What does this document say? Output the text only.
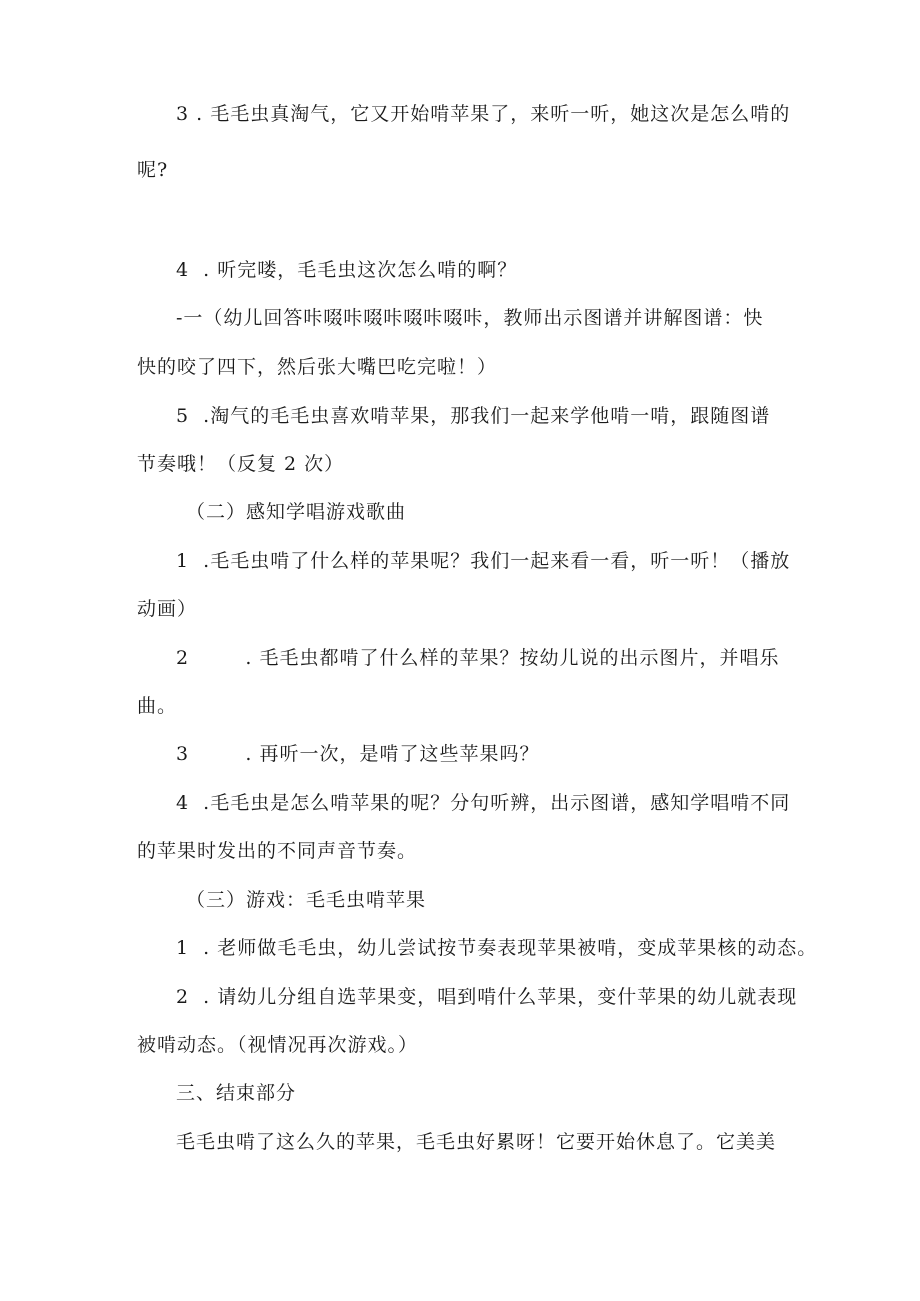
3 . 毛毛虫真淘气，它又开始啃苹果了，来听一听，她这次是怎么啃的
呢?
4  . 听完喽，毛毛虫这次怎么啃的啊？
-一（幼儿回答咔啜咔啜咔啜咔啜咔，教师出示图谱并讲解图谱：快
快的咬了四下，然后张大嘴巴吃完啦！）
5  .淘气的毛毛虫喜欢啃苹果，那我们一起来学他啃一啃，跟随图谱
节奏哦！（反复 2 次）
（二）感知学唱游戏歌曲
1  .毛毛虫啃了什么样的苹果呢？我们一起来看一看，听一听！（播放
动画）
2        . 毛毛虫都啃了什么样的苹果？按幼儿说的出示图片，并唱乐
曲。
3        . 再听一次，是啃了这些苹果吗？
4  .毛毛虫是怎么啃苹果的呢？分句听辨，出示图谱，感知学唱啃不同
的苹果时发出的不同声音节奏。
（三）游戏：毛毛虫啃苹果
1  . 老师做毛毛虫，幼儿尝试按节奏表现苹果被啃，变成苹果核的动态。
2  . 请幼儿分组自选苹果变，唱到啃什么苹果，变什苹果的幼儿就表现
被啃动态。（视情况再次游戏。）
三、结束部分
毛毛虫啃了这么久的苹果，毛毛虫好累呀！它要开始休息了。它美美
